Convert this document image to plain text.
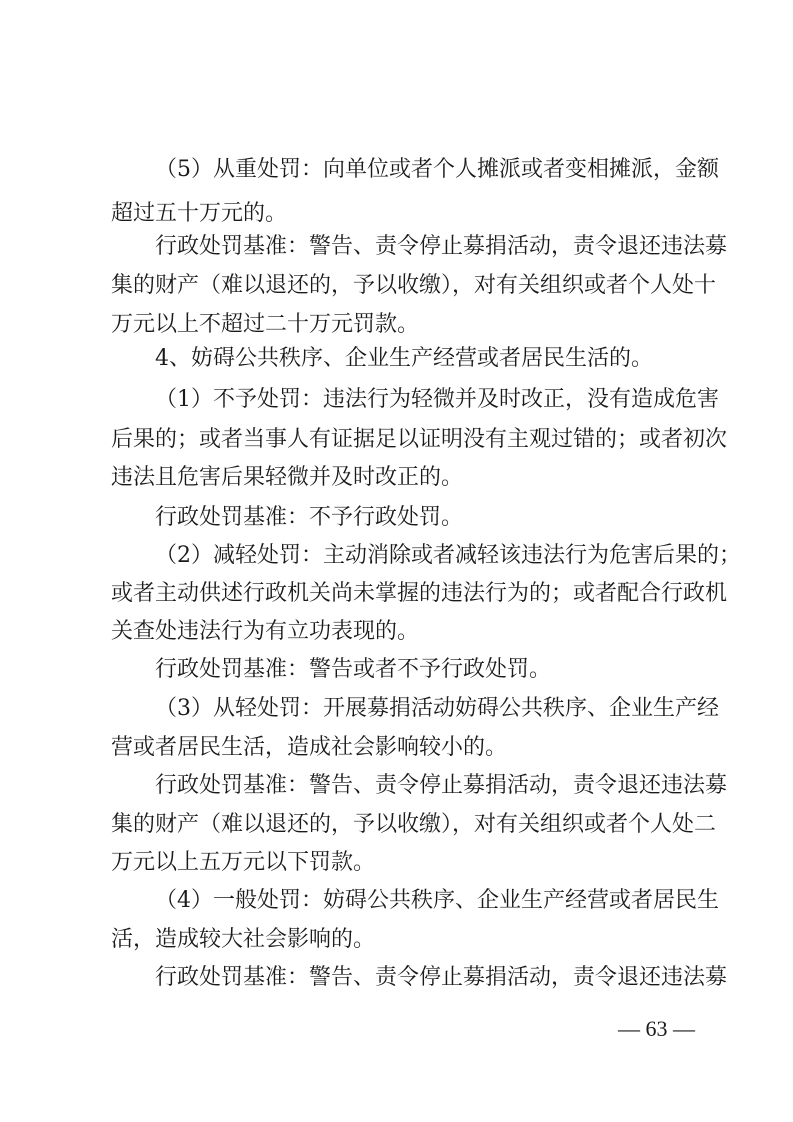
（5）从重处罚：向单位或者个人摊派或者变相摊派，金额
超过五十万元的。
行政处罚基准：警告、责令停止募捐活动，责令退还违法募
集的财产（难以退还的，予以收缴），对有关组织或者个人处十
万元以上不超过二十万元罚款。
4、妨碍公共秩序、企业生产经营或者居民生活的。
（1）不予处罚：违法行为轻微并及时改正，没有造成危害
后果的；或者当事人有证据足以证明没有主观过错的；或者初次
违法且危害后果轻微并及时改正的。
行政处罚基准：不予行政处罚。
（2）减轻处罚：主动消除或者减轻该违法行为危害后果的；
或者主动供述行政机关尚未掌握的违法行为的；或者配合行政机
关查处违法行为有立功表现的。
行政处罚基准：警告或者不予行政处罚。
（3）从轻处罚：开展募捐活动妨碍公共秩序、企业生产经
营或者居民生活，造成社会影响较小的。
行政处罚基准：警告、责令停止募捐活动，责令退还违法募
集的财产（难以退还的，予以收缴），对有关组织或者个人处二
万元以上五万元以下罚款。
（4）一般处罚：妨碍公共秩序、企业生产经营或者居民生
活，造成较大社会影响的。
行政处罚基准：警告、责令停止募捐活动，责令退还违法募
— 63 —
